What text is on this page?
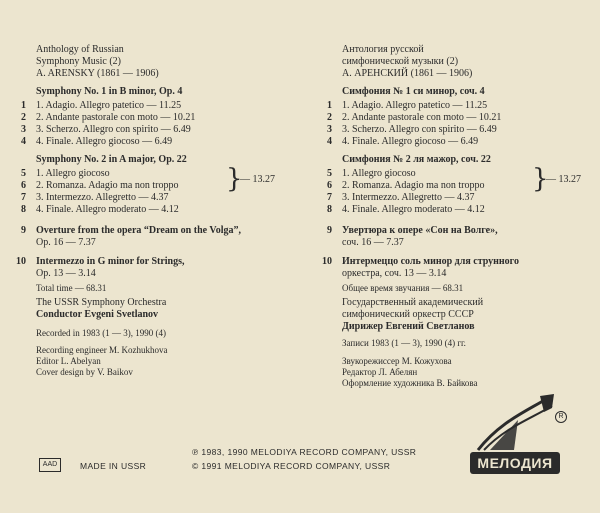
Anthology of Russian
Symphony Music (2)
A. ARENSKY (1861 — 1906)
Symphony No. 1 in B minor, Op. 4
1 1. Adagio. Allegro patetico — 11.25
2 2. Andante pastorale con moto — 10.21
3 3. Scherzo. Allegro con spirito — 6.49
4 4. Finale. Allegro giocoso — 6.49
Symphony No. 2 in A major, Op. 22
5 1. Allegro giocoso
6 2. Romanza. Adagio ma non troppo }
— 13.27
7 3. Intermezzo. Allegretto — 4.37
8 4. Finale. Allegro moderato — 4.12
9 Overture from the opera “Dream on the Volga”,
Op. 16 — 7.37
10 Intermezzo in G minor for Strings,
Op. 13 — 3.14
Total time — 68.31
The USSR Symphony Orchestra
Conductor Evgeni Svetlanov
Recorded in 1983 (1 — 3), 1990 (4)
Recording engineer M. Kozhukhova
Editor L. Abelyan
Cover design by V. Baikov
Антология русской
симфонической музыки (2)
А. АРЕНСКИЙ (1861 — 1906)
Симфония № 1 си минор, соч. 4
1 1. Adagio. Allegro patetico — 11.25
2 2. Andante pastorale con moto — 10.21
3 3. Scherzo. Allegro con spirito — 6.49
4 4. Finale. Allegro giocoso — 6.49
Симфония № 2 ля мажор, соч. 22
5 1. Allegro giocoso
6 2. Romanza. Adagio ma non troppo }
— 13.27
7 3. Intermezzo. Allegretto — 4.37
8 4. Finale. Allegro moderato — 4.12
9 Увертюра к опере «Сон на Волге»,
соч. 16 — 7.37
10 Интермеццо соль минор для струнного
оркестра, соч. 13 — 3.14
Общее время звучания — 68.31
Государственный академический
симфонический оркестр СССР
Дирижер Евгений Светланов
Записи 1983 (1 — 3), 1990 (4) гг.
Звукорежиссер М. Кожухова
Редактор Л. Абелян
Оформление художника В. Байкова
R
МЕЛОДИЯ
AAD	MADE IN USSR
℗ 1983, 1990 MELODIYA RECORD COMPANY, USSR
© 1991 MELODIYA RECORD COMPANY, USSR
